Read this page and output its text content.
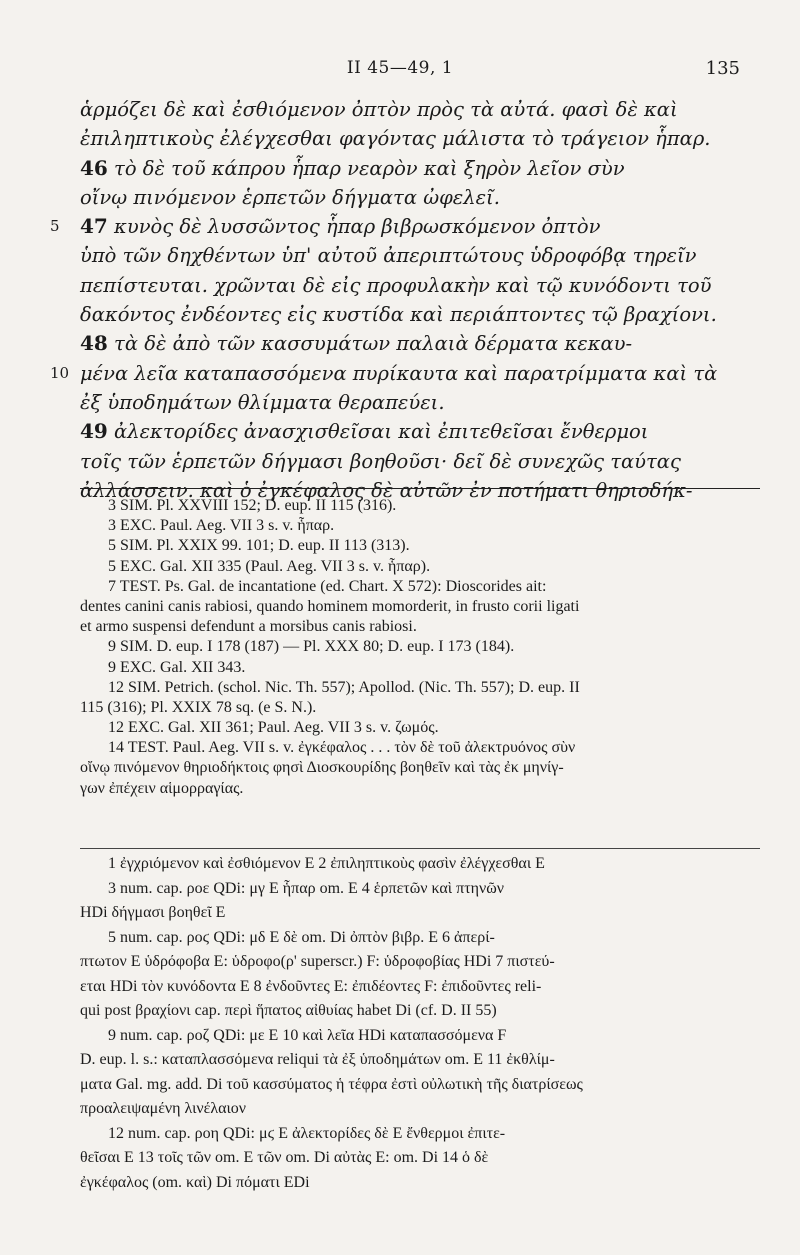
II 45—49, 1	135
ἁρμόζει δὲ καὶ ἐσθιόμενον ὀπτὸν πρὸς τὰ αὐτά. φασὶ δὲ καὶ
ἐπιληπτικοὺς ἐλέγχεσθαι φαγόντας μάλιστα τὸ τράγειον ἧπαρ.
46 τὸ δὲ τοῦ κάπρου ἧπαρ νεαρὸν καὶ ξηρὸν λεῖον σὺν
οἴνῳ πινόμενον ἑρπετῶν δήγματα ὠφελεῖ.
5	47 κυνὸς δὲ λυσσῶντος ἧπαρ βιβρωσκόμενον ὀπτὸν
ὑπὸ τῶν δηχθέντων ὑπ' αὐτοῦ ἀπεριπτώτους ὑδροφόβᾳ τηρεῖν
πεπίστευται. χρῶνται δὲ εἰς προφυλακὴν καὶ τῷ κυνόδοντι τοῦ
δακόντος ἐνδέοντες εἰς κυστίδα καὶ περιάπτοντες τῷ βραχίονι.
48 τὰ δὲ ἀπὸ τῶν κασσυμάτων παλαιὰ δέρματα κεκαυ-
10 μένα λεῖα καταπασσόμενα πυρίκαυτα καὶ παρατρίμματα καὶ τὰ
ἐξ ὑποδημάτων θλίμματα θεραπεύει.
49 ἀλεκτορίδες ἀνασχισθεῖσαι καὶ ἐπιτεθεῖσαι ἔνθερμοι
τοῖς τῶν ἑρπετῶν δήγμασι βοηθοῦσι· δεῖ δὲ συνεχῶς ταύτας
ἀλλάσσειν. καὶ ὁ ἐγκέφαλος δὲ αὐτῶν ἐν ποτήματι θηριοδήκ-
3 SIM. Pl. XXVIII 152; D. eup. II 115 (316).
3 EXC. Paul. Aeg. VII 3 s. v. ἧπαρ.
5 SIM. Pl. XXIX 99. 101; D. eup. II 113 (313).
5 EXC. Gal. XII 335 (Paul. Aeg. VII 3 s. v. ἧπαρ).
7 TEST. Ps. Gal. de incantatione (ed. Chart. X 572): Dioscorides ait:
dentes canini canis rabiosi, quando hominem momorderit, in frusto corii ligati
et armo suspensi defendunt a morsibus canis rabiosi.
9 SIM. D. eup. I 178 (187) — Pl. XXX 80; D. eup. I 173 (184).
9 EXC. Gal. XII 343.
12 SIM. Petrich. (schol. Nic. Th. 557); Apollod. (Nic. Th. 557); D. eup. II
115 (316); Pl. XXIX 78 sq. (e S. N.).
12 EXC. Gal. XII 361; Paul. Aeg. VII 3 s. v. ζωμός.
14 TEST. Paul. Aeg. VII s. v. ἐγκέφαλος . . . τὸν δὲ τοῦ ἀλεκτρυόνος σὺν
οἴνῳ πινόμενον θηριοδήκτοις φησὶ Διοσκουρίδης βοηθεῖν καὶ τὰς ἐκ μηνίγ-
γων ἐπέχειν αἱμορραγίας.
1 ἐγχριόμενον καὶ ἐσθιόμενον E 2 ἐπιληπτικοὺς φασὶν ἐλέγχεσθαι E
3 num. cap. ροε QDi: μγ E ἧπαρ om. E 4 ἑρπετῶν καὶ πτηνῶν
HDi δήγμασι βοηθεῖ E
5 num. cap. ροϛ QDi: μδ E δὲ om. Di ὀπτὸν βιβρ. E 6 ἀπερί-
πτωτον E ὑδρόφοβα E: ὑδροφο(ρ' superscr.) F: ὑδροφοβίας HDi 7 πιστεύ-
εται HDi τὸν κυνόδοντα E 8 ἐνδοῦντες E: ἐπιδέοντες F: ἐπιδοῦντες reli-
qui post βραχίονι cap. περὶ ἥπατος αἰθυίας habet Di (cf. D. II 55)
9 num. cap. ροζ QDi: με E 10 καὶ λεῖα HDi καταπασσόμενα F
D. eup. l. s.: καταπλασσόμενα reliqui τὰ ἐξ ὑποδημάτων om. E 11 ἐκθλίμ-
ματα Gal. mg. add. Di τοῦ κασσύματος ἡ τέφρα ἐστὶ οὐλωτικὴ τῆς διατρίσεως
προαλειψαμένη λινέλαιον
12 num. cap. ροη QDi: μϛ E ἀλεκτορίδες δὲ E ἔνθερμοι ἐπιτε-
θεῖσαι E 13 τοῖς τῶν om. E τῶν om. Di αὐτὰς E: om. Di 14 ὁ δὲ
ἐγκέφαλος (om. καὶ) Di πόματι EDi
